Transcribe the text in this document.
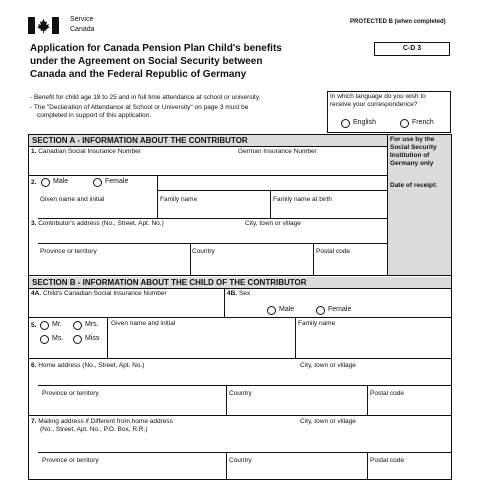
Service
Canada
PROTECTED B (when completed)
C-D 3
Application for Canada Pension Plan Child's benefits
under the Agreement on Social Security between
Canada and the Federal Republic of Germany
- Benefit for child age 18 to 25 and in full time attendance at school or university.
- The "Declaration of Attendance at School or University" on page 3 must be
completed in support of this application.
In which language do you wish to
receive your correspondence?
English	French
For use by the
Social Security
Institution of
Germany only
Date of receipt:
SECTION A - INFORMATION ABOUT THE CONTRIBUTOR
1. Canadian Social Insurance Number	German Insurance Number
2.	Male	Female
Given name and initial	Family name	Family name at birth
3. Contributor's address (No., Street, Apt. No.)	City, town or village
Province or territory	Country	Postal code
SECTION B - INFORMATION ABOUT THE CHILD OF THE CONTRIBUTOR
4A. Child's Canadian Social Insurance Number	4B. Sex
Male	Female
5.	Mr.	Mrs.
Ms.	Miss
Given name and initial	Family name
6. Home address (No., Street, Apt. No.)	City, town or village
Province or territory	Country	Postal code
7. Mailing address if Different from home address
(No., Street, Apt. No., P.O. Box, R.R.)
City, town or village
Province or territory	Country	Postal code
